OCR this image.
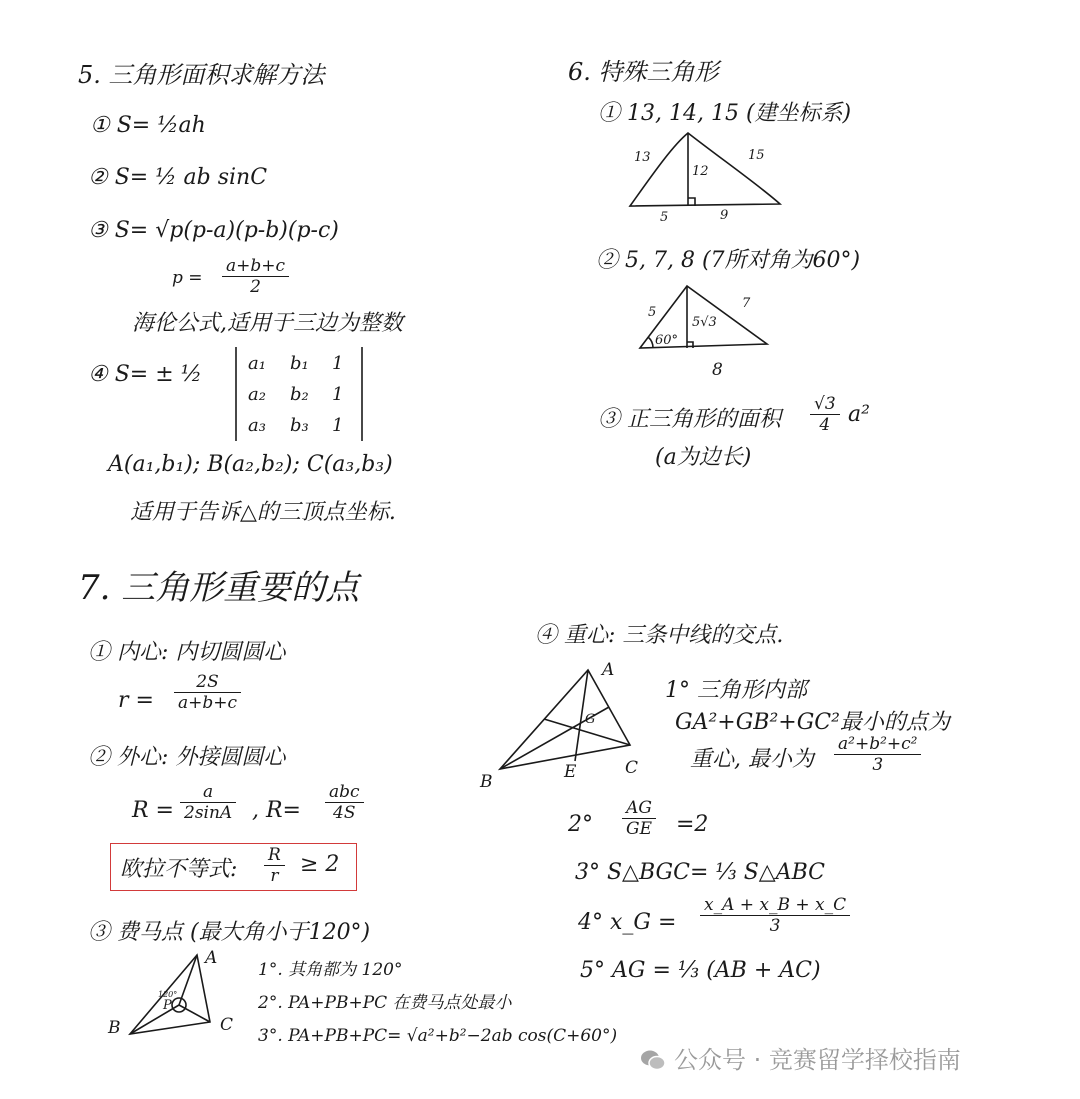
5. 三角形面积求解方法
① S= ½ah
② S= ½ ab sinC
③ S= √p(p-a)(p-b)(p-c)
$p = \frac{a+b+c}{2}$
海伦公式,适用于三边为整数
④ S= ± ½	a₁ b₁ 1
a₂ b₂ 1
a₃ b₃ 1
A(a₁,b₁); B(a₂,b₂); C(a₃,b₃)
适用于告诉△的三顶点坐标.
6. 特殊三角形
① 13, 14, 15 (建坐标系)
13	15
12
5	9
② 5, 7, 8 (7所对角为60°)
5
7
5√3
60°
8
③ 正三角形的面积 $\frac{√3}{4} a^2$
(a为边长)
7. 三角形重要的点
① 内心: 内切圆圆心
$r = \frac{2S}{a+b+c}$
② 外心: 外接圆圆心
$R = \frac{a}{2\sin A}$ , R=
abc
4S
欧拉不等式: $\frac{R}{r} \ge 2$
③ 费马点 (最大角小于120°)
A
B	C
P
120°
1°. 其角都为 120°
2°. PA+PB+PC 在费马点处最小
3°. PA+PB+PC= √a²+b²−2ab cos(C+60°)
④ 重心: 三条中线的交点.
A
B
C
G
E
1° 三角形内部
GA²+GB²+GC²最小的点为
重心, 最小为 $\frac{\text{a²+b²+c²}}{3}$
$2^\circ \frac{AG}{GE} =2$
3° S△BGC= ⅓ S△ABC
4° x_G = $\frac{x\_A + x\_B + x\_C}{3}$
5° AG = ⅓ (AB + AC)
公众号 · 竞赛留学择校指南
